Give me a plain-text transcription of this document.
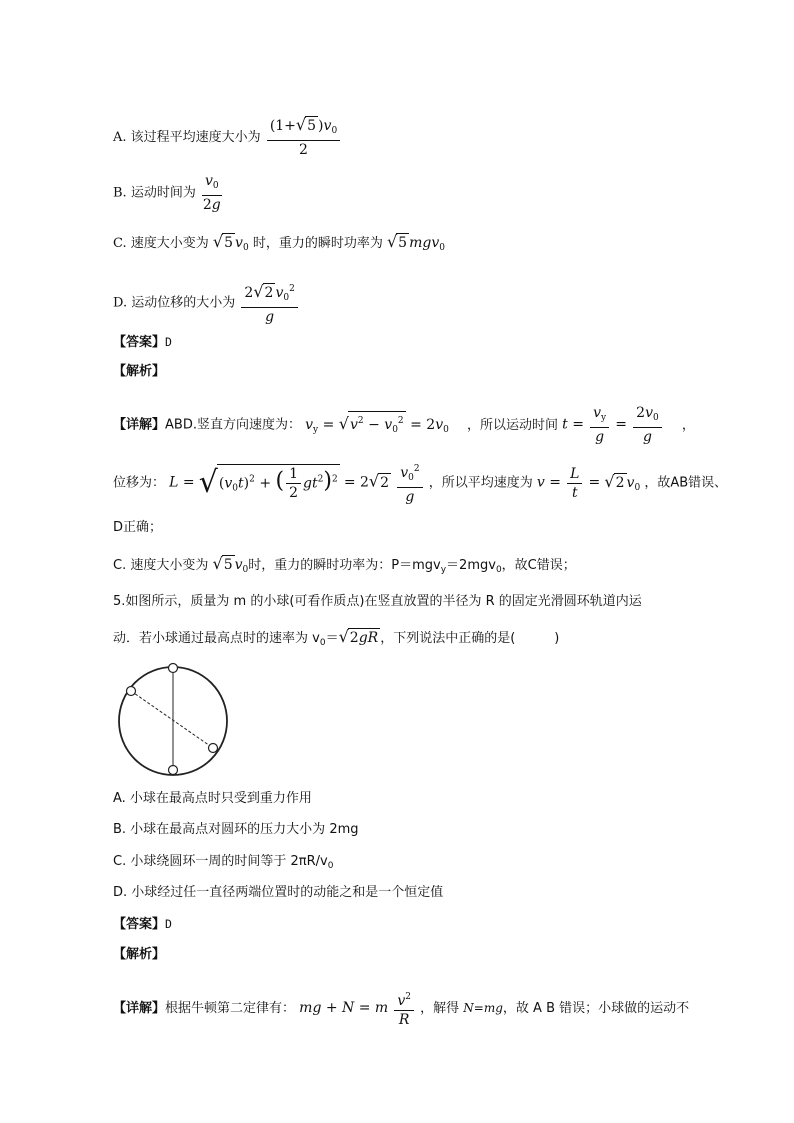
A. 该过程平均速度大小为 $\frac{(1+√5 )v_0}{2}$
B. 运动时间为 $\frac{v_0}{2g}$
C. 速度大小变为 √5 $v_0$ 时，重力的瞬时功率为 √5 mgv$_0$
D. 运动位移的大小为 $\frac{2√2 v_0^2}{g}$
【答案】D
【解析】
【详解】ABD.竖直方向速度为： $v_y = √v^2 - v_0^2 = 2v_0$ ，所以运动时间 $t = \frac{v_y}{g} = \frac{2v_0}{g}$ ，
位移为： $L = √(v_0t)^2$ + ( $\frac{1}{2} gt^2)^2 = 2√2 \frac{v_0^2}{g}$ ，所以平均速度为 $v = \frac{L}{t} = √2$ $v_0$ ，故AB错误、
D正确；
C. 速度大小变为 √5 $v_0$时，重力的瞬时功率为：P＝mgv$_y$＝2mgv$_0$，故C错误；
5.如图所示，质量为 m 的小球(可看作质点)在竖直放置的半径为 R 的固定光滑圆环轨道内运
动．若小球通过最高点时的速率为 $v_0=√2gR$ ，下列说法中正确的是(　　　)
A. 小球在最高点时只受到重力作用
B. 小球在最高点对圆环的压力大小为 2mg
C. 小球绕圆环一周的时间等于 $2\pi R/v_0$
D. 小球经过任一直径两端位置时的动能之和是一个恒定值
【答案】D
【解析】
【详解】根据牛顿第二定律有： mg + N = m $\frac{v^2}{R}$ ，解得 N=mg，故 A B 错误；小球做的运动不
